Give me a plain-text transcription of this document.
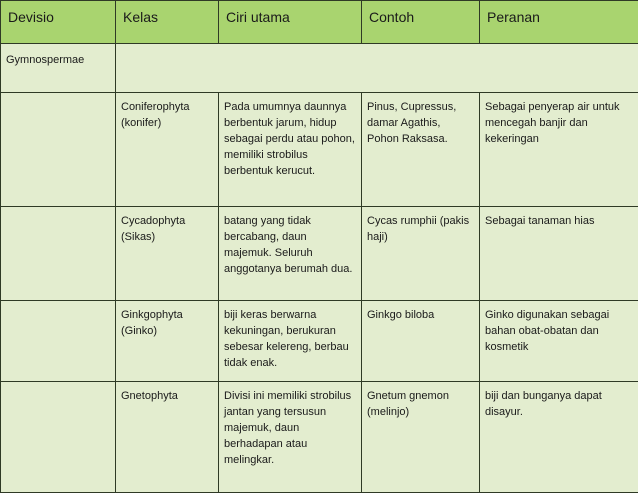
Devisio	Kelas	Ciri utama	Contoh	Peranan
Gymnospermae				
	Coniferophyta (konifer)	Pada umumnya daunnya berbentuk jarum, hidup sebagai perdu atau pohon, memiliki strobilus berbentuk kerucut.	Pinus, Cupressus, damar Agathis, Pohon Raksasa.	Sebagai penyerap air untuk mencegah banjir dan kekeringan
	Cycadophyta (Sikas)	batang yang tidak bercabang, daun majemuk. Seluruh anggotanya berumah dua.	Cycas rumphii (pakis haji)	Sebagai tanaman hias
	Ginkgophyta (Ginko)	biji keras berwarna kekuningan, berukuran sebesar kelereng, berbau tidak enak.	Ginkgo biloba	Ginko digunakan sebagai bahan obat-obatan dan kosmetik
	Gnetophyta	Divisi ini memiliki strobilus jantan yang tersusun majemuk, daun berhadapan atau melingkar.	Gnetum gnemon (melinjo)	biji dan bunganya dapat disayur.
